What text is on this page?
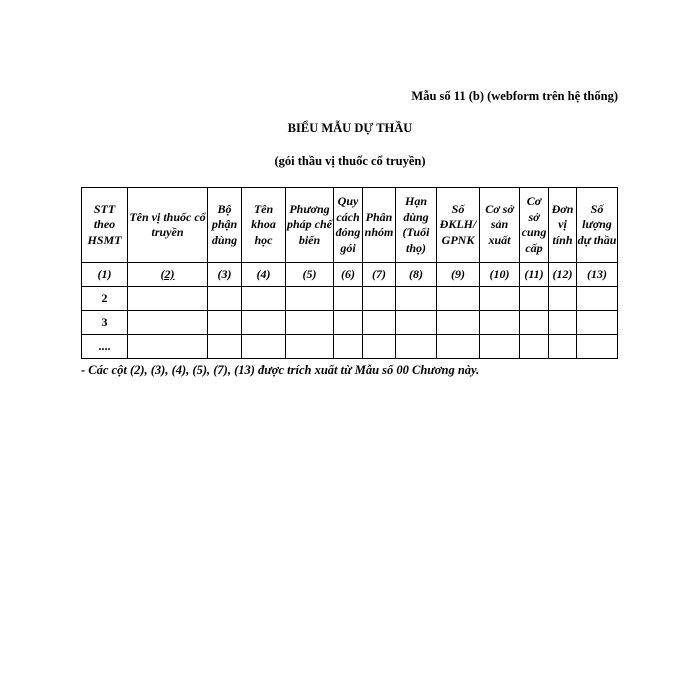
Mẫu số 11 (b) (webform trên hệ thống)
BIỂU MẪU DỰ THẦU
(gói thầu vị thuốc cổ truyền)
STT theo HSMT	Tên vị thuốc cổ truyền	Bộ phận dùng	Tên khoa học	Phương pháp chế biến	Quy cách đóng gói	Phân nhóm	Hạn dùng (Tuổi thọ)	Số ĐKLH/ GPNK	Cơ sở sản xuất	Cơ sở cung cấp	Đơn vị tính	Số lượng dự thầu
(1)	(2)	(3)	(4)	(5)	(6)	(7)	(8)	(9)	(10)	(11)	(12)	(13)
2												
3												
....												
- Các cột (2), (3), (4), (5), (7), (13) được trích xuất từ Mẫu số 00 Chương này.
